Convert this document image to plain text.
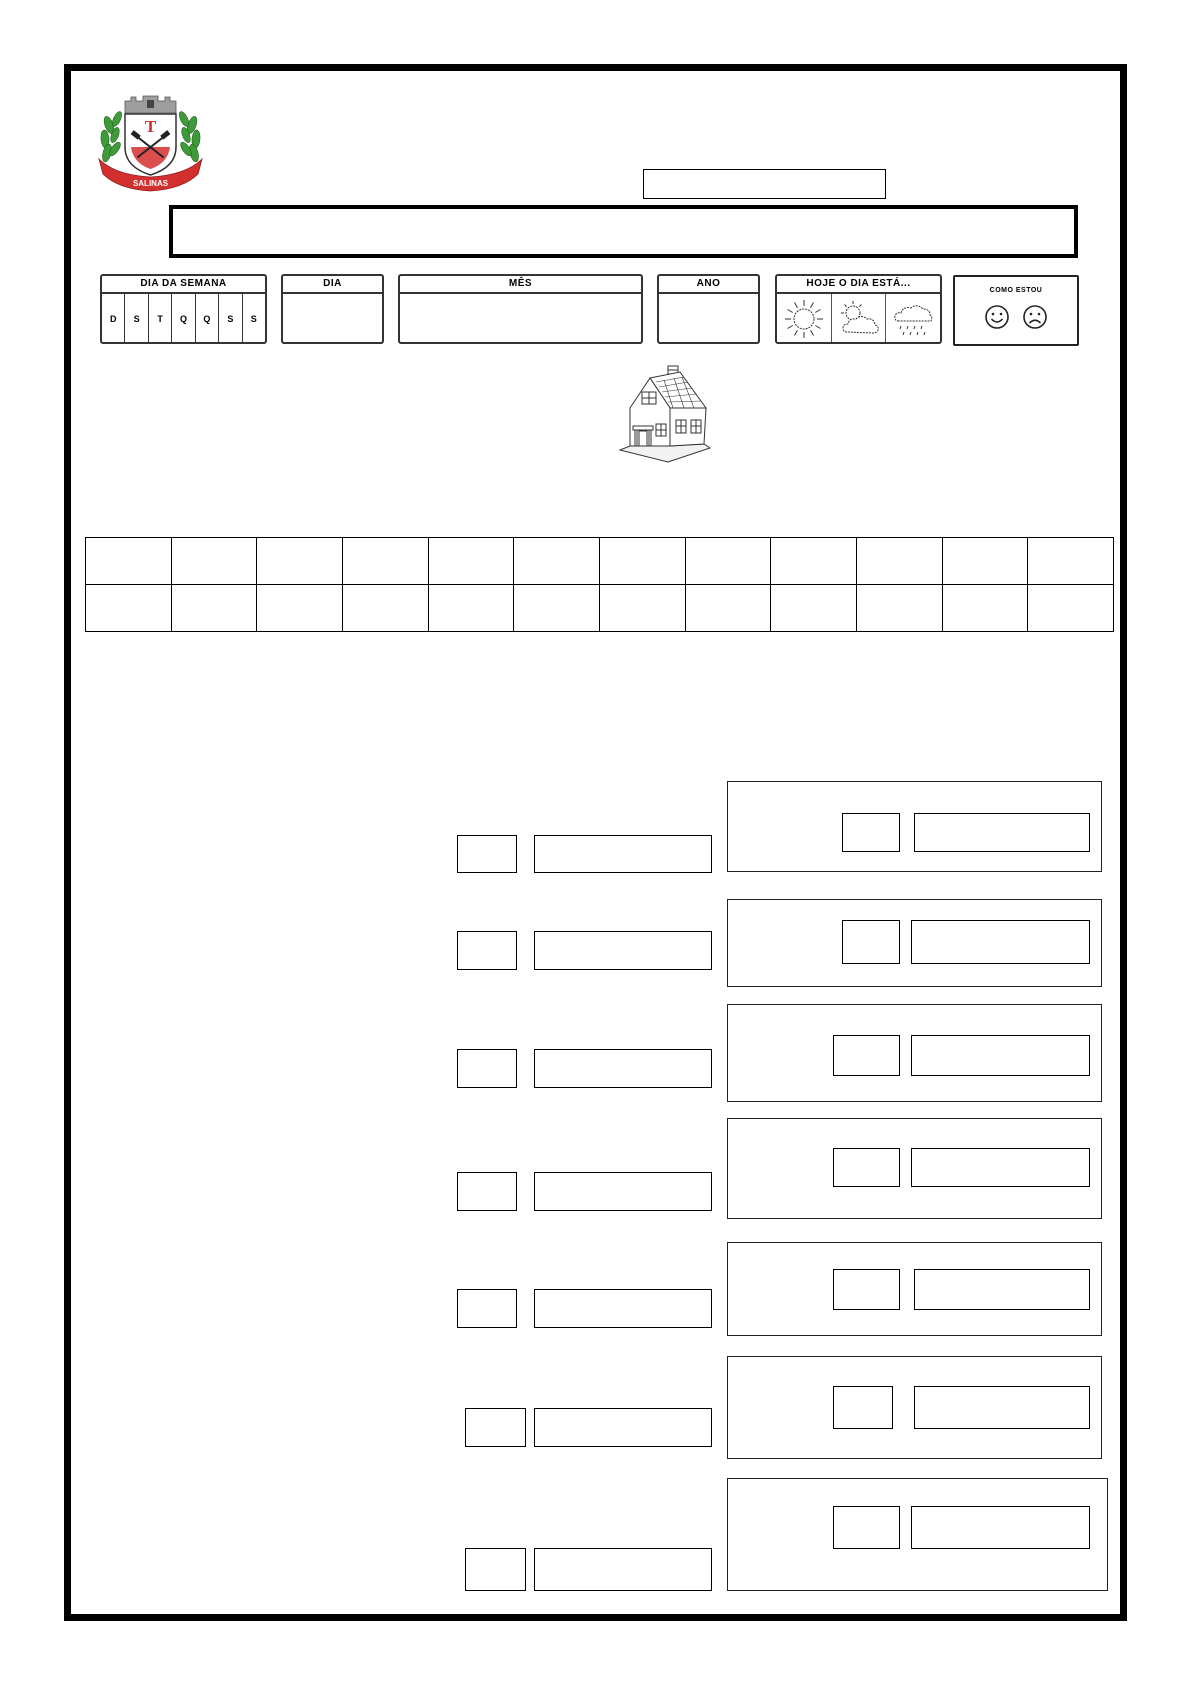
T
SALINAS
DIA DA SEMANA
D	S	T	Q	Q	S	S
DIA	MÊS	ANO	HOJE O DIA ESTÁ...
COMO ESTOU
